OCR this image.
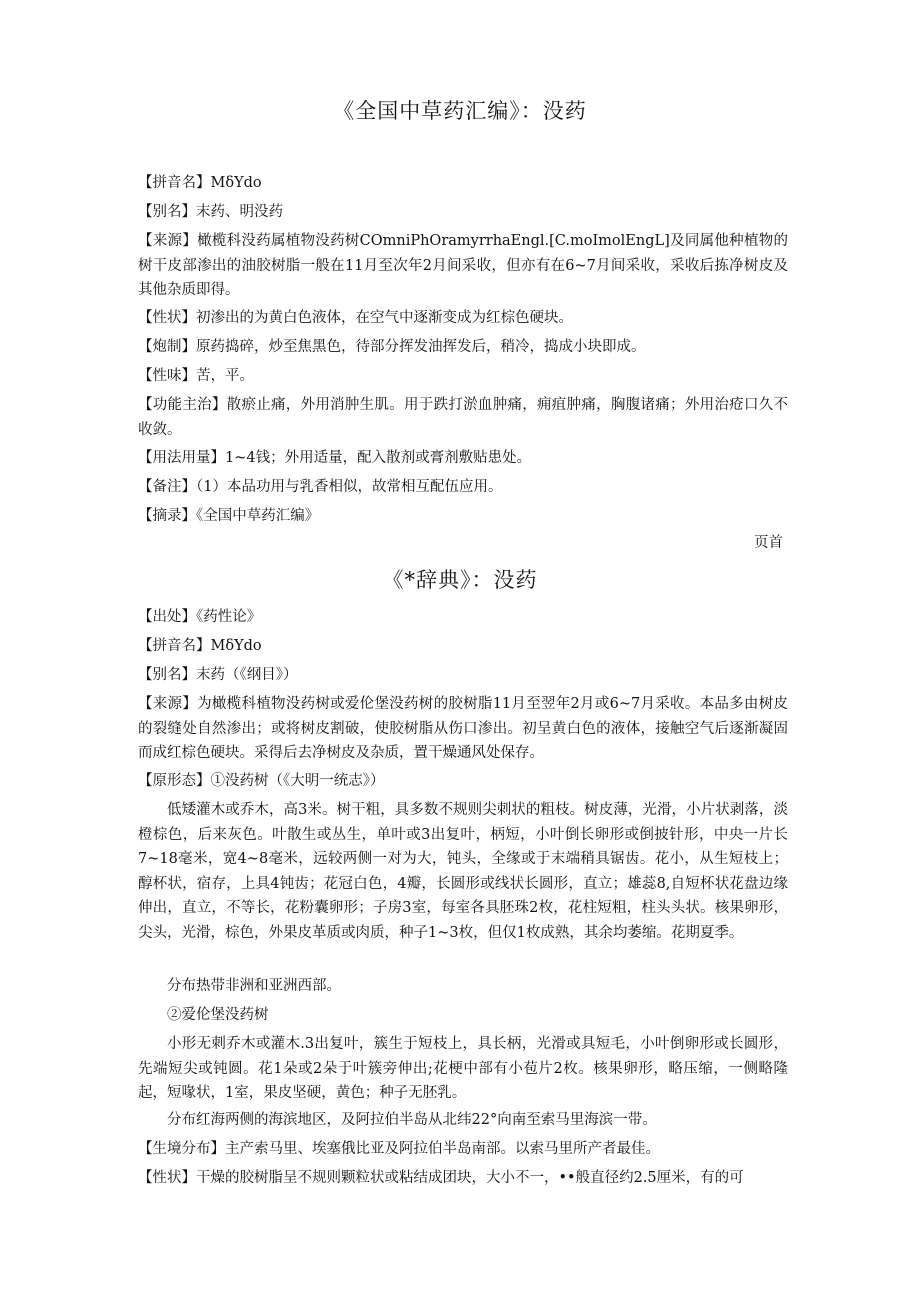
《全国中草药汇编》：没药

【拼音名】MδYdo

【别名】末药、明没药

【来源】橄榄科没药属植物没药树COmniPhOramyrrhaEngl.[C.moImolEngL]及同属他种植物的树干皮部渗出的油胶树脂一般在11月至次年2月间采收，但亦有在6~7月间采收，采收后拣净树皮及其他杂质即得。

【性状】初渗出的为黄白色液体，在空气中逐渐变成为红棕色硬块。

【炮制】原药捣碎，炒至焦黑色，待部分挥发油挥发后，稍冷，捣成小块即成。

【性味】苦，平。

【功能主治】散瘀止痛，外用消肿生肌。用于跌打淤血肿痛，痈疽肿痛，胸腹诸痛；外用治疮口久不收敛。

【用法用量】1~4钱；外用适量，配入散剂或膏剂敷贴患处。

【备注】（1）本品功用与乳香相似，故常相互配伍应用。

【摘录】《全国中草药汇编》

页首
《*辞典》：没药

【出处】《药性论》

【拼音名】MδYdo

【别名】末药（《纲目》）

【来源】为橄榄科植物没药树或爱伦堡没药树的胶树脂11月至翌年2月或6~7月采收。本品多由树皮的裂缝处自然渗出；或将树皮割破，使胶树脂从伤口渗出。初呈黄白色的液体，接触空气后逐渐凝固而成红棕色硬块。采得后去净树皮及杂质，置干燥通风处保存。

【原形态】①没药树（《大明一统志》）

低矮灌木或乔木，高3米。树干粗，具多数不规则尖刺状的粗枝。树皮薄，光滑，小片状剥落，淡橙棕色，后来灰色。叶散生或丛生，单叶或3出复叶，柄短，小叶倒长卵形或倒披针形，中央一片长7~18毫米，宽4~8毫米，远较两侧一对为大，钝头，全缘或于末端稍具锯齿。花小，从生短枝上；醇杯状，宿存，上具4钝齿；花冠白色，4瓣，长圆形或线状长圆形，直立；雄蕊8,自短杯状花盘边缘伸出，直立，不等长，花粉囊卵形；子房3室，每室各具胚珠2枚，花柱短粗，柱头头状。核果卵形，尖头，光滑，棕色，外果皮革质或肉质，种子1~3枚，但仅1枚成熟，其余均萎缩。花期夏季。

分布热带非洲和亚洲西部。

②爱伦堡没药树

小形无刺乔木或灌木.3出复叶，簇生于短枝上，具长柄，光滑或具短毛，小叶倒卵形或长圆形，先端短尖或钝圆。花1朵或2朵于叶簇旁伸出;花梗中部有小苞片2枚。核果卵形，略压缩，一侧略隆起，短喙状，1室，果皮坚硬，黄色；种子无胚乳。

分布红海两侧的海滨地区，及阿拉伯半岛从北纬22°向南至索马里海滨一带。

【生境分布】主产索马里、埃塞俄比亚及阿拉伯半岛南部。以索马里所产者最佳。

【性状】干燥的胶树脂呈不规则颗粒状或粘结成团块，大小不一，••般直径约2.5厘米，有的可
